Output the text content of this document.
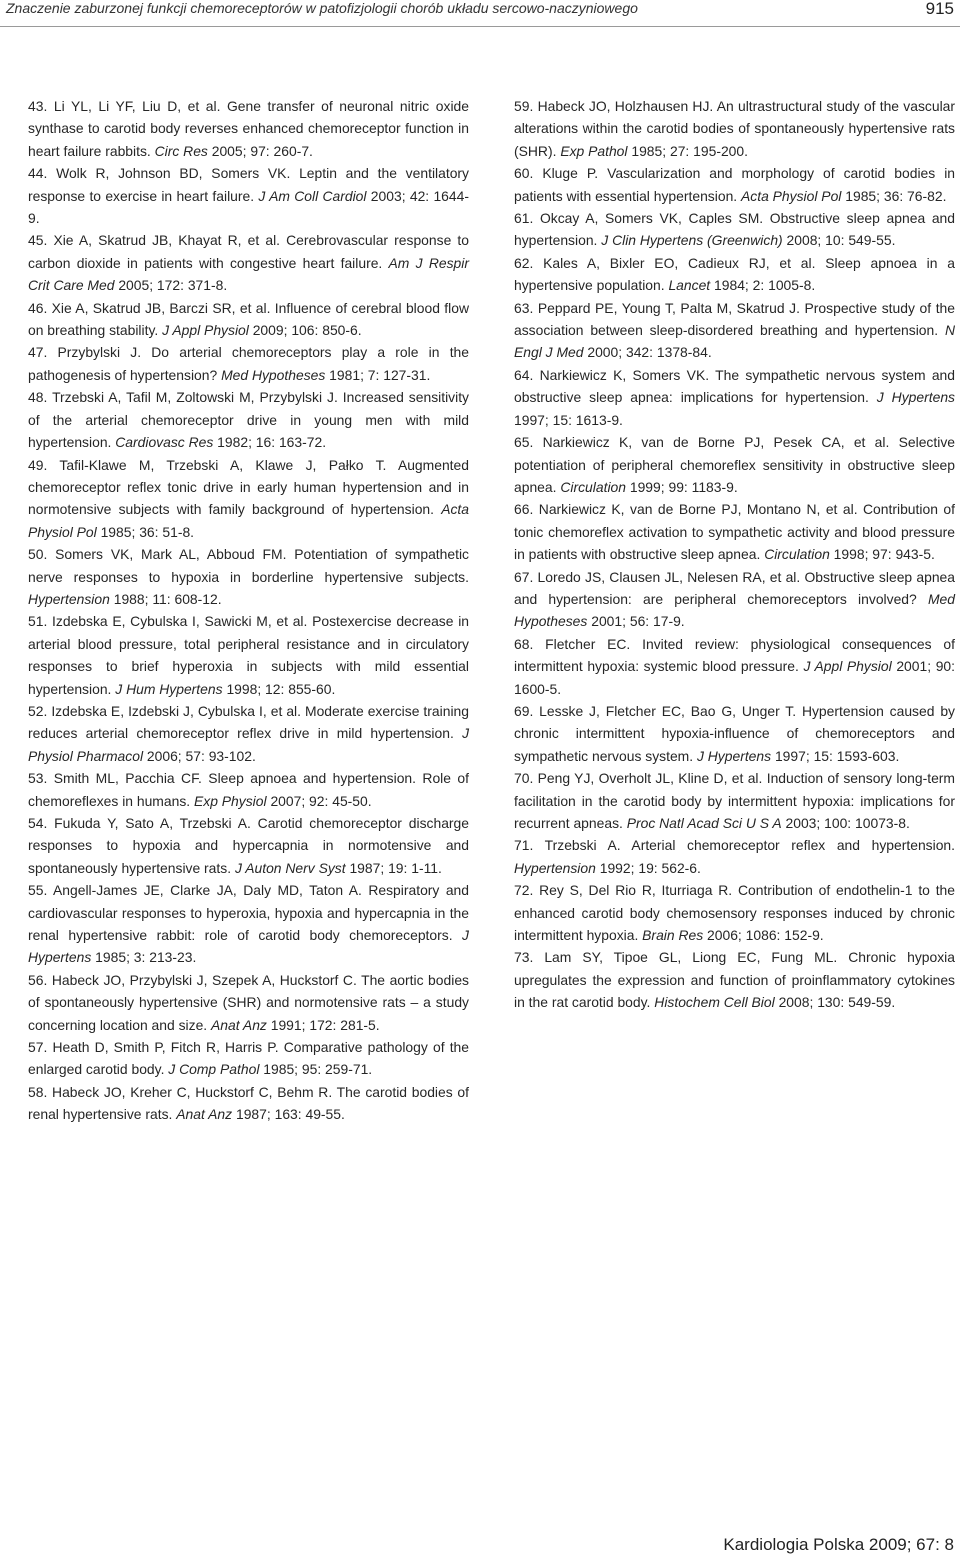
Znaczenie zaburzonej funkcji chemoreceptorów w patofizjologii chorób układu sercowo-naczyniowego	915

43. Li YL, Li YF, Liu D, et al. Gene transfer of neuronal nitric oxide synthase to carotid body reverses enhanced chemoreceptor function in heart failure rabbits. Circ Res 2005; 97: 260-7.

44. Wolk R, Johnson BD, Somers VK. Leptin and the ventilatory response to exercise in heart failure. J Am Coll Cardiol 2003; 42: 1644-9.

45. Xie A, Skatrud JB, Khayat R, et al. Cerebrovascular response to carbon dioxide in patients with congestive heart failure. Am J Respir Crit Care Med 2005; 172: 371-8.

46. Xie A, Skatrud JB, Barczi SR, et al. Influence of cerebral blood flow on breathing stability. J Appl Physiol 2009; 106: 850-6.

47. Przybylski J. Do arterial chemoreceptors play a role in the pathogenesis of hypertension? Med Hypotheses 1981; 7: 127-31.

48. Trzebski A, Tafil M, Zoltowski M, Przybylski J. Increased sensitivity of the arterial chemoreceptor drive in young men with mild hypertension. Cardiovasc Res 1982; 16: 163-72.

49. Tafil-Klawe M, Trzebski A, Klawe J, Pałko T. Augmented chemoreceptor reflex tonic drive in early human hypertension and in normotensive subjects with family background of hypertension. Acta Physiol Pol 1985; 36: 51-8.

50. Somers VK, Mark AL, Abboud FM. Potentiation of sympathetic nerve responses to hypoxia in borderline hypertensive subjects. Hypertension 1988; 11: 608-12.

51. Izdebska E, Cybulska I, Sawicki M, et al. Postexercise decrease in arterial blood pressure, total peripheral resistance and in circulatory responses to brief hyperoxia in subjects with mild essential hypertension. J Hum Hypertens 1998; 12: 855-60.

52. Izdebska E, Izdebski J, Cybulska I, et al. Moderate exercise training reduces arterial chemoreceptor reflex drive in mild hypertension. J Physiol Pharmacol 2006; 57: 93-102.

53. Smith ML, Pacchia CF. Sleep apnoea and hypertension. Role of chemoreflexes in humans. Exp Physiol 2007; 92: 45-50.

54. Fukuda Y, Sato A, Trzebski A. Carotid chemoreceptor discharge responses to hypoxia and hypercapnia in normotensive and spontaneously hypertensive rats. J Auton Nerv Syst 1987; 19: 1-11.

55. Angell-James JE, Clarke JA, Daly MD, Taton A. Respiratory and cardiovascular responses to hyperoxia, hypoxia and hypercapnia in the renal hypertensive rabbit: role of carotid body chemoreceptors. J Hypertens 1985; 3: 213-23.

56. Habeck JO, Przybylski J, Szepek A, Huckstorf C. The aortic bodies of spontaneously hypertensive (SHR) and normotensive rats – a study concerning location and size. Anat Anz 1991; 172: 281-5.

57. Heath D, Smith P, Fitch R, Harris P. Comparative pathology of the enlarged carotid body. J Comp Pathol 1985; 95: 259-71.

58. Habeck JO, Kreher C, Huckstorf C, Behm R. The carotid bodies of renal hypertensive rats. Anat Anz 1987; 163: 49-55.

59. Habeck JO, Holzhausen HJ. An ultrastructural study of the vascular alterations within the carotid bodies of spontaneously hypertensive rats (SHR). Exp Pathol 1985; 27: 195-200.

60. Kluge P. Vascularization and morphology of carotid bodies in patients with essential hypertension. Acta Physiol Pol 1985; 36: 76-82.

61. Okcay A, Somers VK, Caples SM. Obstructive sleep apnea and hypertension. J Clin Hypertens (Greenwich) 2008; 10: 549-55.

62. Kales A, Bixler EO, Cadieux RJ, et al. Sleep apnoea in a hypertensive population. Lancet 1984; 2: 1005-8.

63. Peppard PE, Young T, Palta M, Skatrud J. Prospective study of the association between sleep-disordered breathing and hypertension. N Engl J Med 2000; 342: 1378-84.

64. Narkiewicz K, Somers VK. The sympathetic nervous system and obstructive sleep apnea: implications for hypertension. J Hypertens 1997; 15: 1613-9.

65. Narkiewicz K, van de Borne PJ, Pesek CA, et al. Selective potentiation of peripheral chemoreflex sensitivity in obstructive sleep apnea. Circulation 1999; 99: 1183-9.

66. Narkiewicz K, van de Borne PJ, Montano N, et al. Contribution of tonic chemoreflex activation to sympathetic activity and blood pressure in patients with obstructive sleep apnea. Circulation 1998; 97: 943-5.

67. Loredo JS, Clausen JL, Nelesen RA, et al. Obstructive sleep apnea and hypertension: are peripheral chemoreceptors involved? Med Hypotheses 2001; 56: 17-9.

68. Fletcher EC. Invited review: physiological consequences of intermittent hypoxia: systemic blood pressure. J Appl Physiol 2001; 90: 1600-5.

69. Lesske J, Fletcher EC, Bao G, Unger T. Hypertension caused by chronic intermittent hypoxia-influence of chemoreceptors and sympathetic nervous system. J Hypertens 1997; 15: 1593-603.

70. Peng YJ, Overholt JL, Kline D, et al. Induction of sensory long-term facilitation in the carotid body by intermittent hypoxia: implications for recurrent apneas. Proc Natl Acad Sci U S A 2003; 100: 10073-8.

71. Trzebski A. Arterial chemoreceptor reflex and hypertension. Hypertension 1992; 19: 562-6.

72. Rey S, Del Rio R, Iturriaga R. Contribution of endothelin-1 to the enhanced carotid body chemosensory responses induced by chronic intermittent hypoxia. Brain Res 2006; 1086: 152-9.

73. Lam SY, Tipoe GL, Liong EC, Fung ML. Chronic hypoxia upregulates the expression and function of proinflammatory cytokines in the rat carotid body. Histochem Cell Biol 2008; 130: 549-59.

Kardiologia Polska 2009; 67: 8
